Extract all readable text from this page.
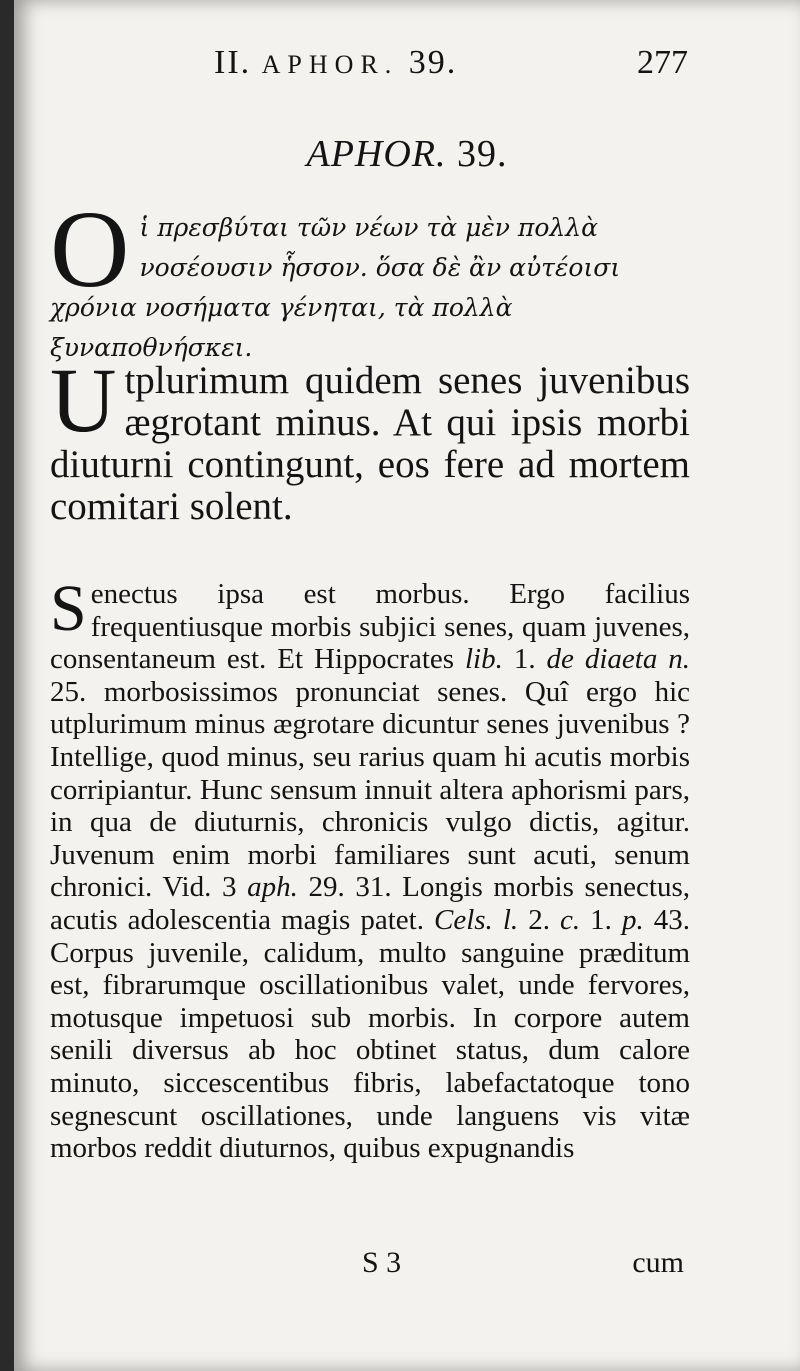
II. APHOR. 39.	277
APHOR. 39.
O ἱ πρεσβύται τῶν νέων τὰ μὲν πολλὰ νοσέουσιν ἧσσον. ὅσα δὲ ἂν αὐτέοισι χρόνια νοσήματα γένηται, τὰ πολλὰ ξυναποθνήσκει.
U tplurimum quidem senes juvenibus ægrotant minus. At qui ipsis morbi diuturni contingunt, eos fere ad mortem comitari solent.
S enectus ipsa est morbus. Ergo facilius frequentiusque morbis subjici senes, quam juvenes, consentaneum est. Et Hippocrates lib. 1. de diaeta n. 25. morbosissimos pronunciat senes. Quî ergo hic utplurimum minus ægrotare dicuntur senes juvenibus ? Intellige, quod minus, seu rarius quam hi acutis morbis corripiantur. Hunc sensum innuit altera aphorismi pars, in qua de diuturnis, chronicis vulgo dictis, agitur. Juvenum enim morbi familiares sunt acuti, senum chronici. Vid. 3 aph. 29. 31. Longis morbis senectus, acutis adolescentia magis patet. Cels. l. 2. c. 1. p. 43. Corpus juvenile, calidum, multo sanguine præditum est, fibrarumque oscillationibus valet, unde fervores, motusque impetuosi sub morbis. In corpore autem senili diversus ab hoc obtinet status, dum calore minuto, siccescentibus fibris, labefactatoque tono segnescunt oscillationes, unde languens vis vitæ morbos reddit diuturnos, quibus expugnandis
S 3	cum
